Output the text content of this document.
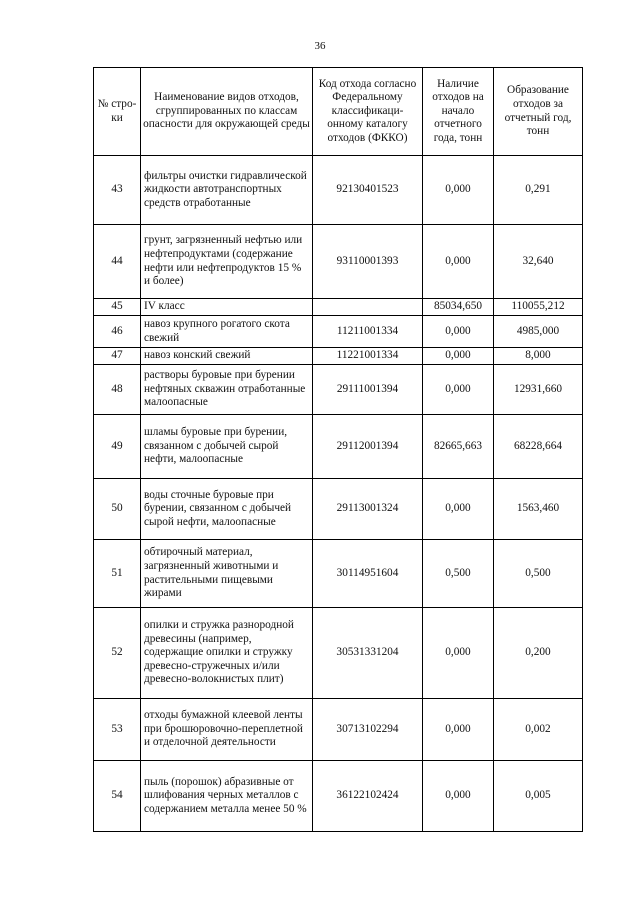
36
№ стро-ки	Наименование видов отходов, сгруппированных по классам опасности для окружающей среды	Код отхода согласно Федеральному классификаци-онному каталогу отходов (ФККО)	Наличие отходов на начало отчетного года, тонн	Образование отходов за отчетный год, тонн
43	фильтры очистки гидравлической жидкости автотранспортных средств отработанные	92130401523	0,000	0,291
44	грунт, загрязненный нефтью или нефтепродуктами (содержание нефти или нефтепродуктов 15 % и более)	93110001393	0,000	32,640
45	IV класс		85034,650	110055,212
46	навоз крупного рогатого скота свежий	11211001334	0,000	4985,000
47	навоз конский свежий	11221001334	0,000	8,000
48	растворы буровые при бурении нефтяных скважин отработанные малоопасные	29111001394	0,000	12931,660
49	шламы буровые при бурении, связанном с добычей сырой нефти, малоопасные	29112001394	82665,663	68228,664
50	воды сточные буровые при бурении, связанном с добычей сырой нефти, малоопасные	29113001324	0,000	1563,460
51	обтирочный материал, загрязненный животными и растительными пищевыми жирами	30114951604	0,500	0,500
52	опилки и стружка разнородной древесины (например, содержащие опилки и стружку древесно-стружечных и/или древесно-волокнистых плит)	30531331204	0,000	0,200
53	отходы бумажной клеевой ленты при брошюровочно-переплетной и отделочной деятельности	30713102294	0,000	0,002
54	пыль (порошок) абразивные от шлифования черных металлов с содержанием металла менее 50 %	36122102424	0,000	0,005
